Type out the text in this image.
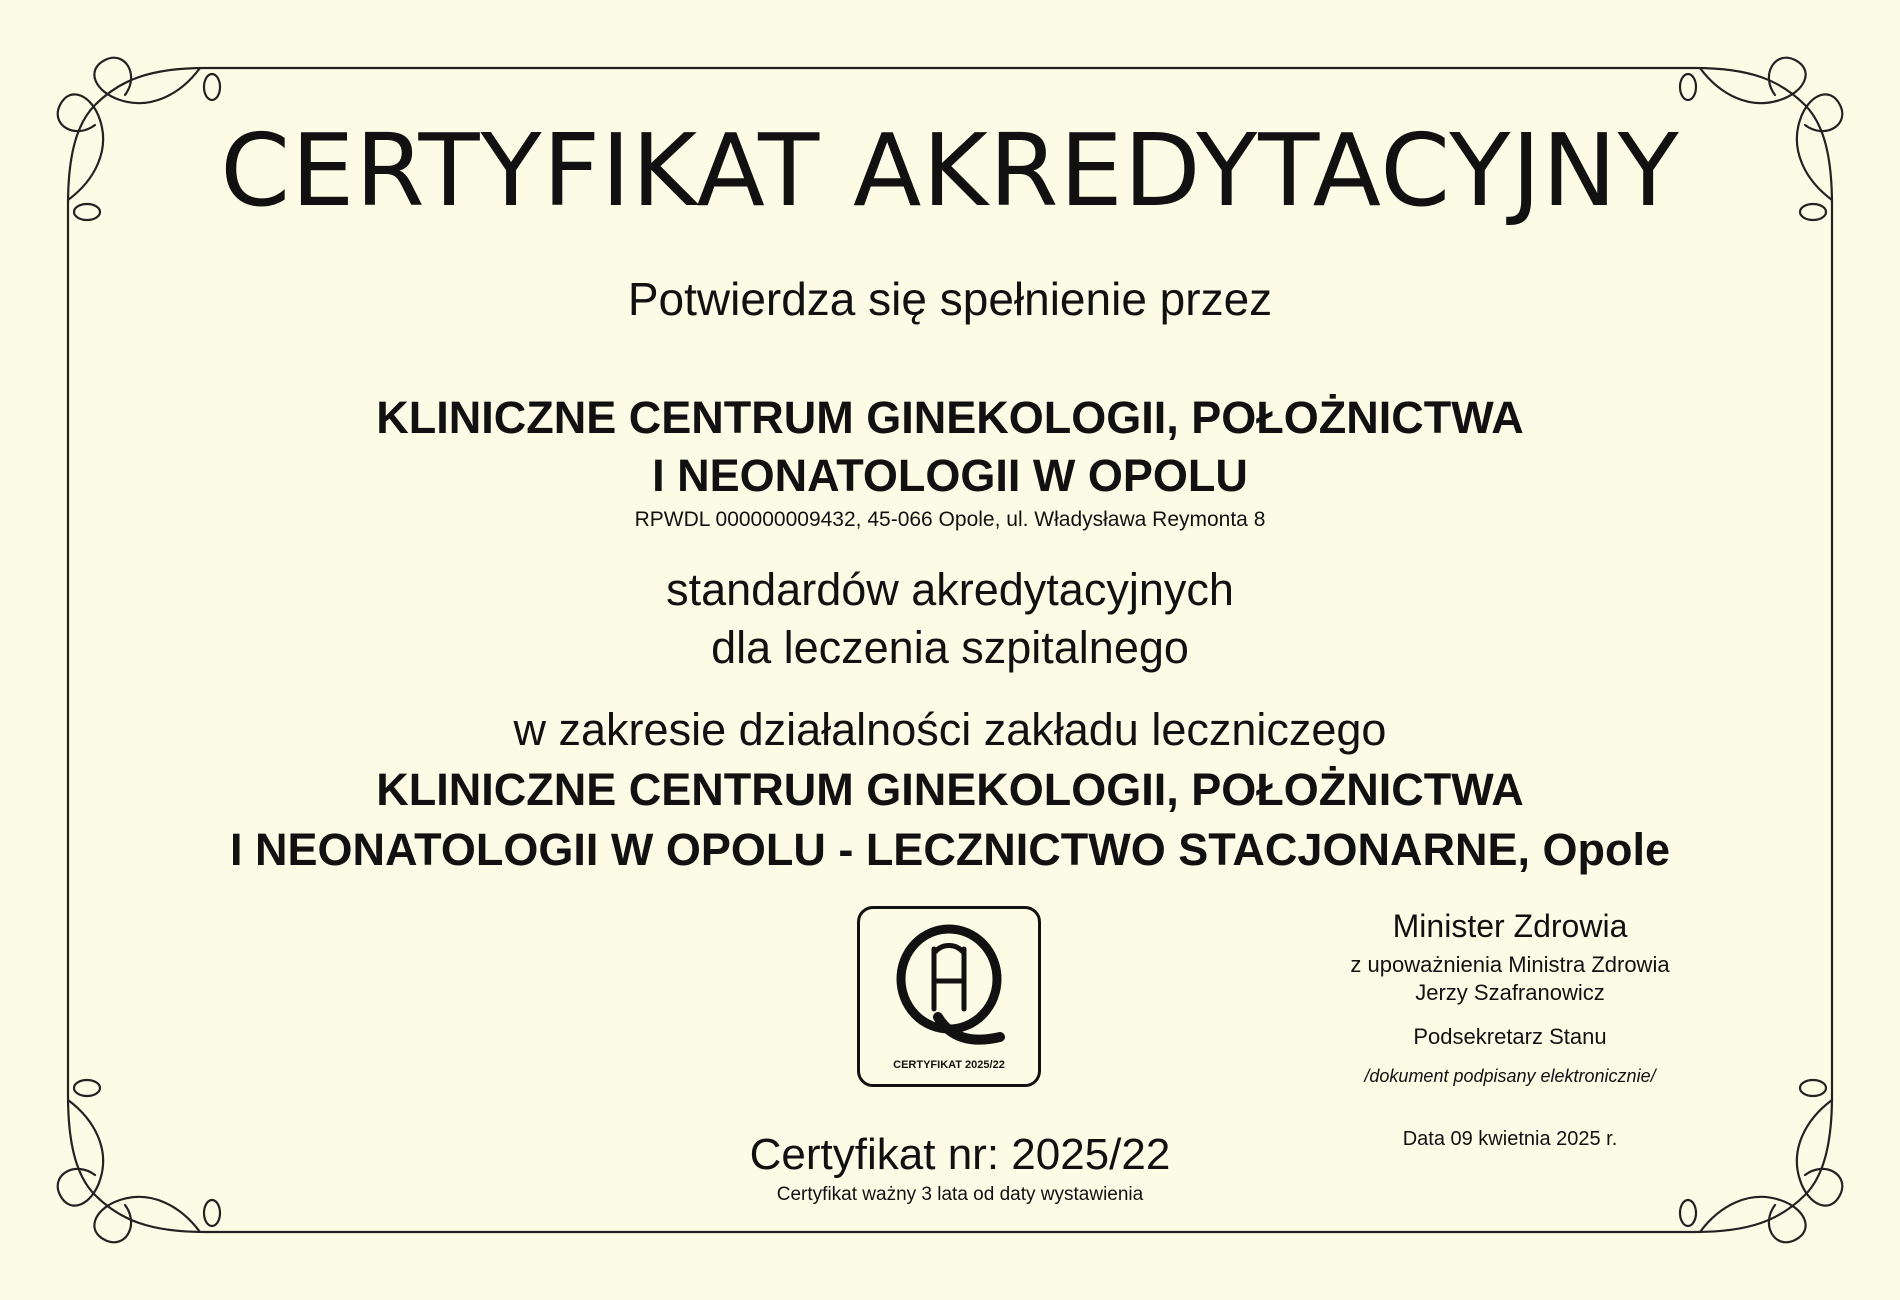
CERTYFIKAT AKREDYTACYJNY
Potwierdza się spełnienie przez
KLINICZNE CENTRUM GINEKOLOGII, POŁOŻNICTWA
I NEONATOLOGII W OPOLU
RPWDL 000000009432, 45-066 Opole, ul. Władysława Reymonta 8
standardów akredytacyjnych
dla leczenia szpitalnego
w zakresie działalności zakładu leczniczego
KLINICZNE CENTRUM GINEKOLOGII, POŁOŻNICTWA
I NEONATOLOGII W OPOLU - LECZNICTWO STACJONARNE, Opole
CERTYFIKAT 2025/22
Certyfikat nr: 2025/22
Certyfikat ważny 3 lata od daty wystawienia
Minister Zdrowia
z upoważnienia Ministra Zdrowia
Jerzy Szafranowicz
Podsekretarz Stanu
/dokument podpisany elektronicznie/
Data 09 kwietnia 2025 r.
